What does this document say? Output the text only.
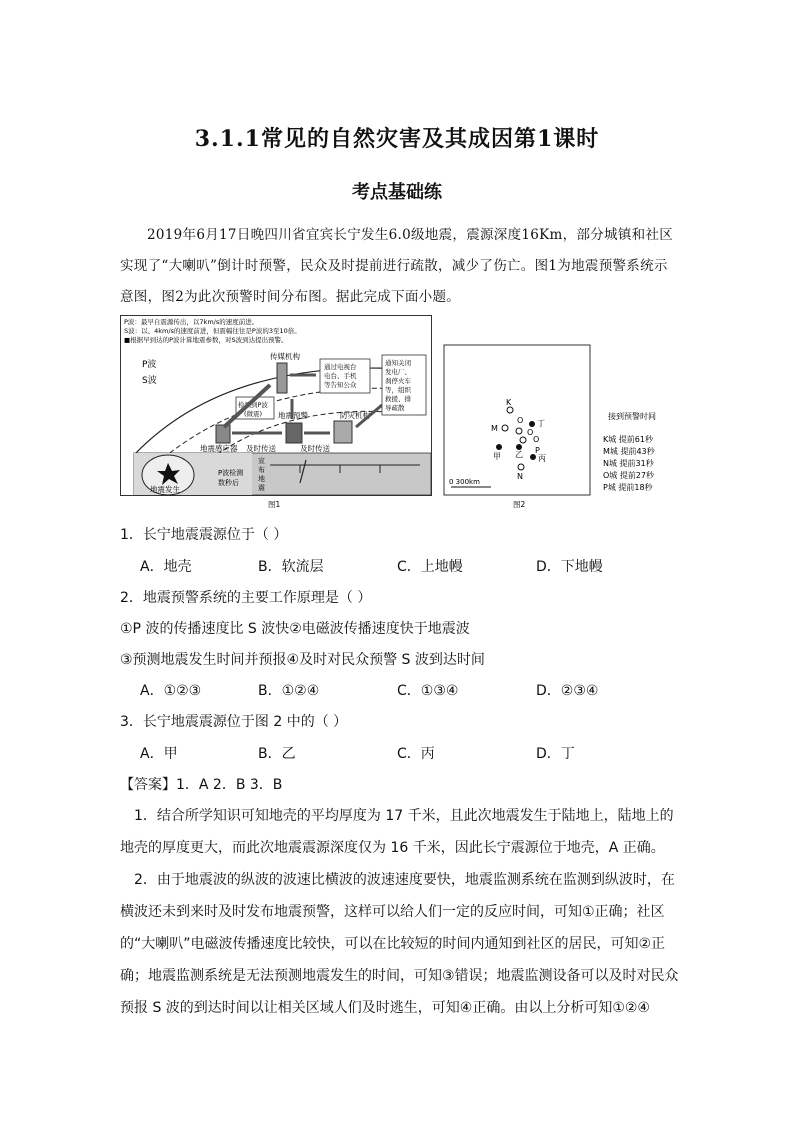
3.1.1常见的自然灾害及其成因第1课时
考点基础练
2019年6月17日晚四川省宜宾长宁发生6.0级地震，震源深度16Km，部分城镇和社区实现了“大喇叭”倒计时预警，民众及时提前进行疏散，减少了伤亡。图1为地震预警系统示意图，图2为此次预警时间分布图。据此完成下面小题。
P波：最早自震源传出，以7km/s的速度前进。
S波：以、4km/s的速度前进，但震幅往往是P波的3至10倍。
■根据早到达的P波计算地震参数，对S波到达提出预警。
P波
S波
地震发生
P波检测
数秒后
宣
布
地
震
地震感应器
地震预警
及时传送	及时传送
检测到P波
(微震)
传媒机构
防灾机构
通过电视台
电台、手机
等告知公众
通知关闭
发电厂、
刹停火车
等，组织
救援、排
导疏散
图1
K
O 丁
M	O
O
P
甲 乙 丙
N
0 300km
接到预警时间
K城 提前61秒
M城 提前43秒
N城 提前31秒
O城 提前27秒
P城 提前18秒
图2
1．长宁地震震源位于（ ）
A．地壳	B．软流层	C．上地幔	D．下地幔
2．地震预警系统的主要工作原理是（ ）
①P 波的传播速度比 S 波快②电磁波传播速度快于地震波
③预测地震发生时间并预报④及时对民众预警 S 波到达时间
A．①②③	B．①②④	C．①③④	D．②③④
3．长宁地震震源位于图 2 中的（ ）
A．甲	B．乙	C．丙	D．丁
【答案】1．A 2．B 3．B
1．结合所学知识可知地壳的平均厚度为 17 千米，且此次地震发生于陆地上，陆地上的地壳的厚度更大，而此次地震震源深度仅为 16 千米，因此长宁震源位于地壳，A 正确。
2．由于地震波的纵波的波速比横波的波速速度要快，地震监测系统在监测到纵波时，在横波还未到来时及时发布地震预警，这样可以给人们一定的反应时间，可知①正确；社区的“大喇叭”电磁波传播速度比较快，可以在比较短的时间内通知到社区的居民，可知②正确；地震监测系统是无法预测地震发生的时间，可知③错误；地震监测设备可以及时对民众预报 S 波的到达时间以让相关区域人们及时逃生，可知④正确。由以上分析可知①②④
